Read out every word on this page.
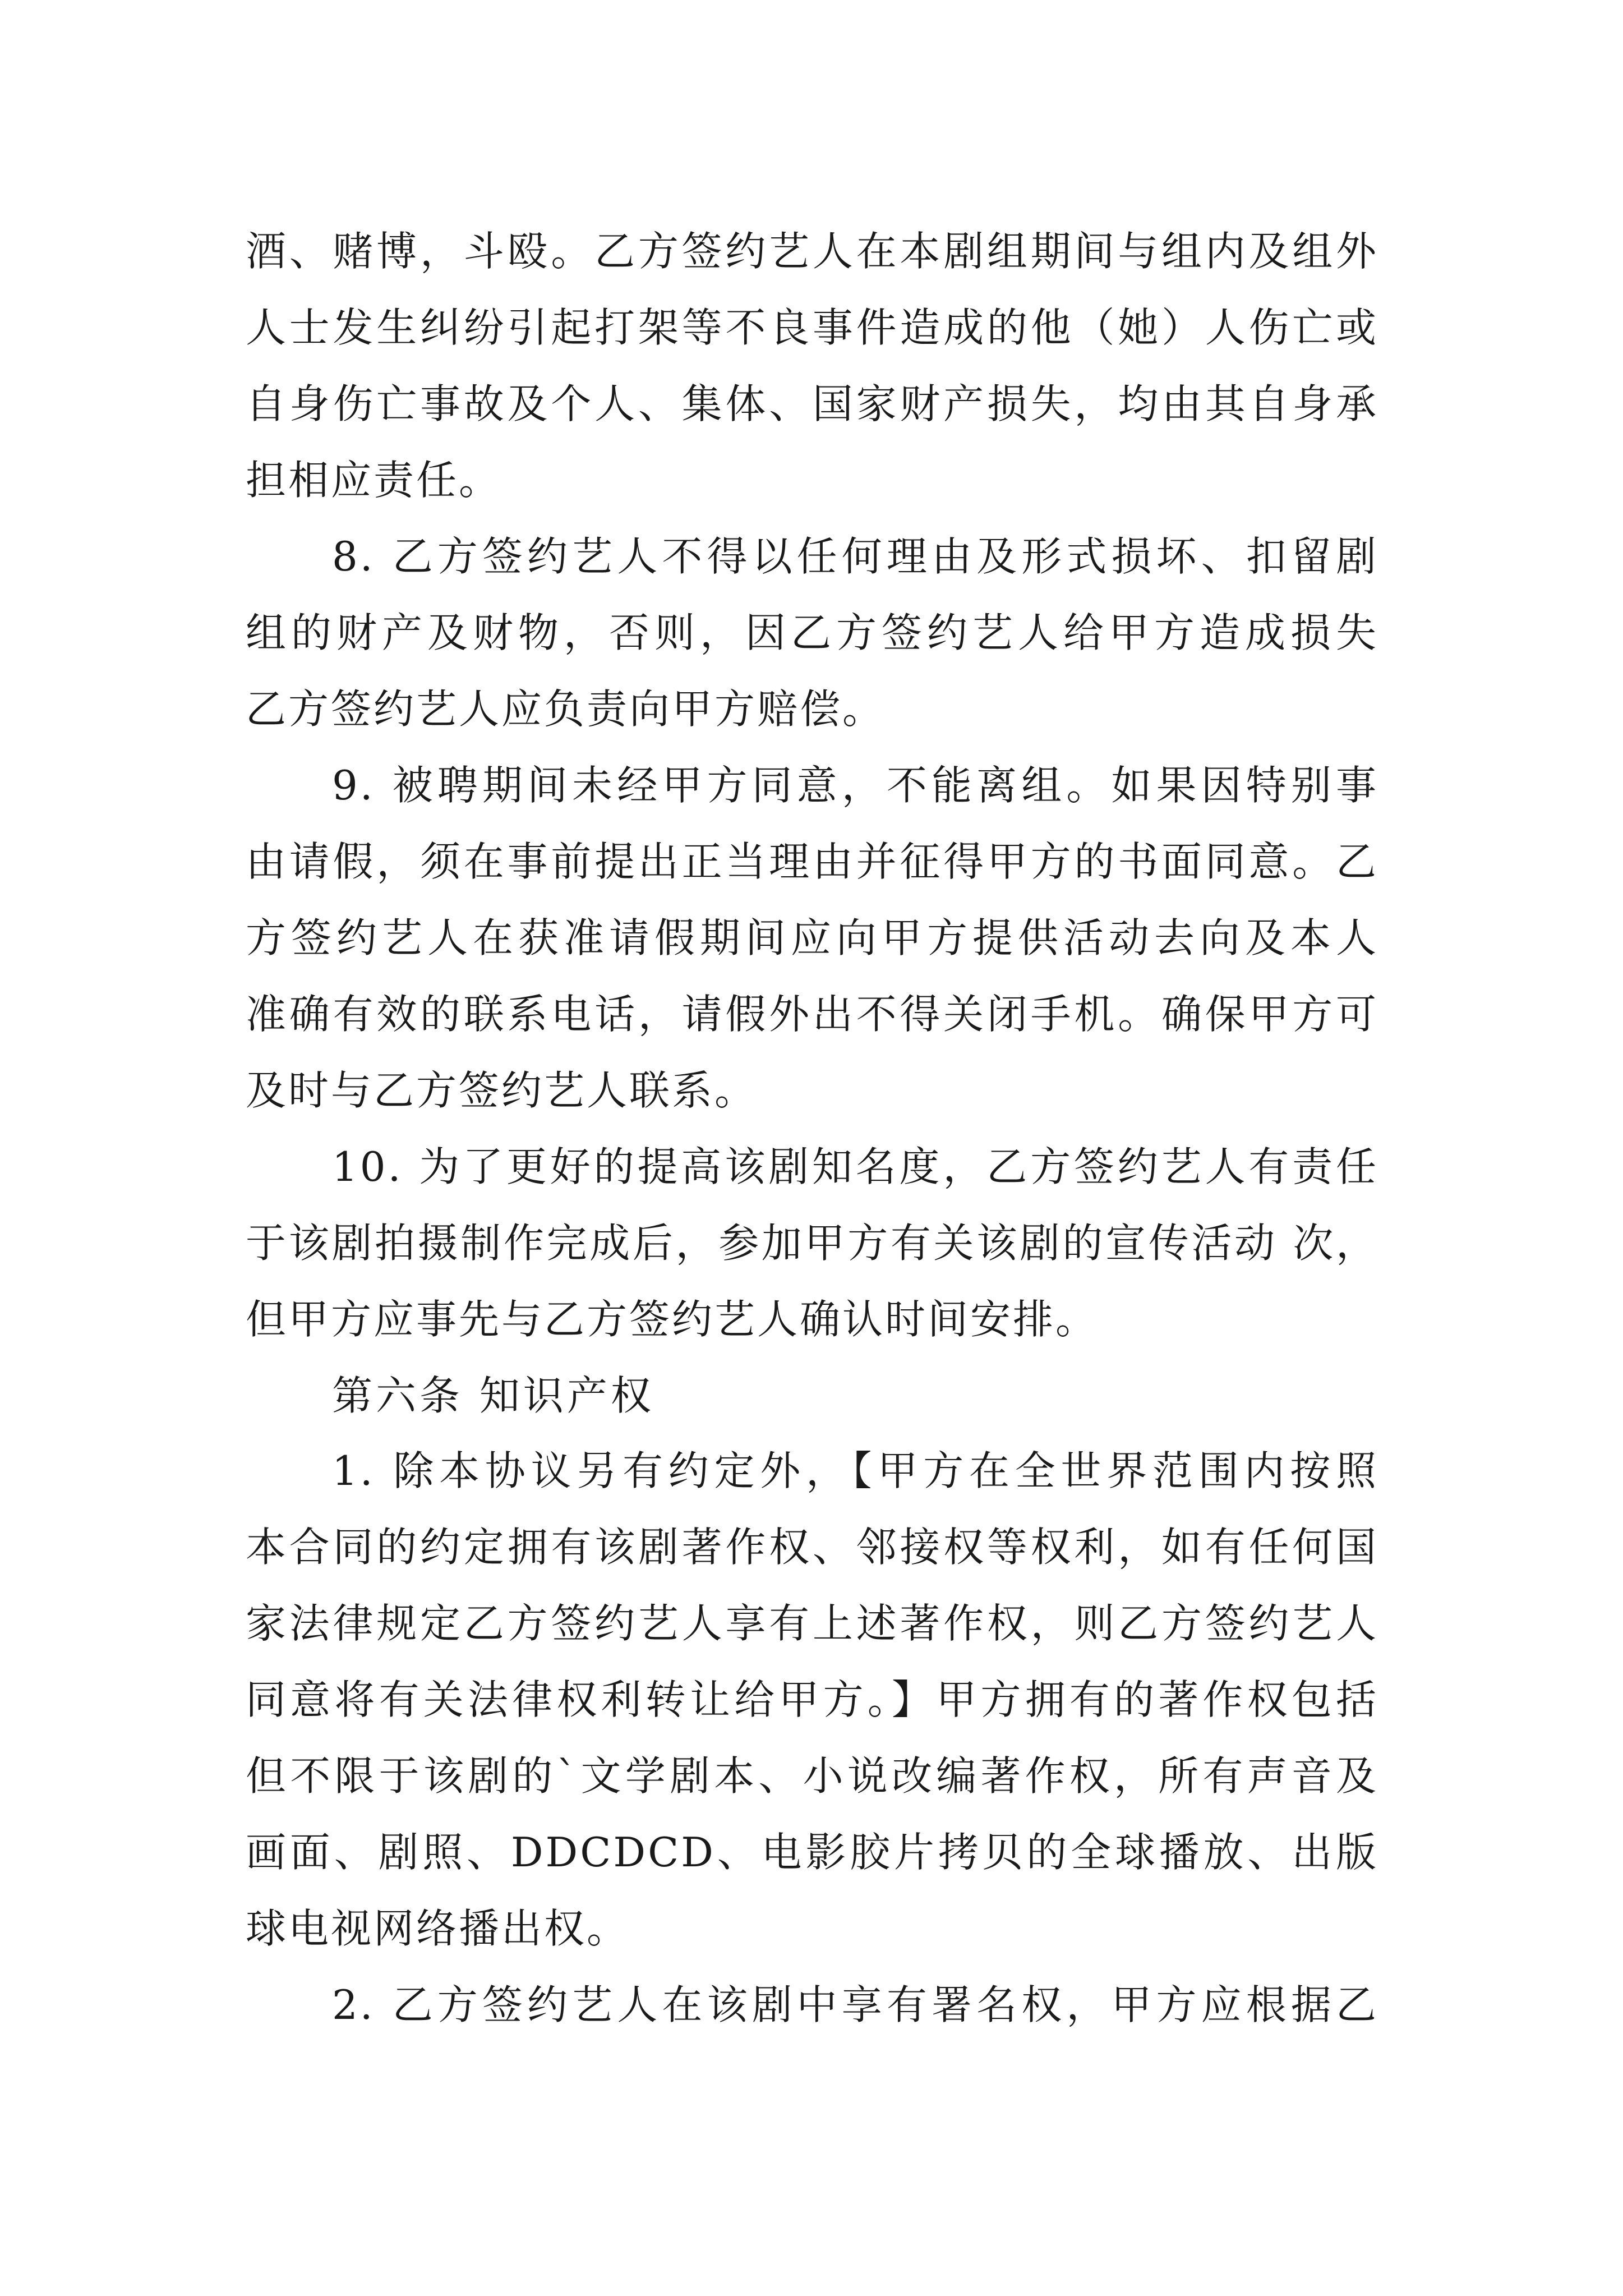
酒、赌博，斗殴。乙方签约艺人在本剧组期间与组内及组外
人士发生纠纷引起打架等不良事件造成的他（她）人伤亡或
自身伤亡事故及个人、集体、国家财产损失，均由其自身承
担相应责任。
8. 乙方签约艺人不得以任何理由及形式损坏、扣留剧
组的财产及财物，否则，因乙方签约艺人给甲方造成损失
乙方签约艺人应负责向甲方赔偿。
9. 被聘期间未经甲方同意，不能离组。如果因特别事
由请假，须在事前提出正当理由并征得甲方的书面同意。乙
方签约艺人在获准请假期间应向甲方提供活动去向及本人
准确有效的联系电话，请假外出不得关闭手机。确保甲方可
及时与乙方签约艺人联系。
10. 为了更好的提高该剧知名度，乙方签约艺人有责任
于该剧拍摄制作完成后，参加甲方有关该剧的宣传活动 次，
但甲方应事先与乙方签约艺人确认时间安排。
第六条 知识产权
1. 除本协议另有约定外，【甲方在全世界范围内按照
本合同的约定拥有该剧著作权、邻接权等权利，如有任何国
家法律规定乙方签约艺人享有上述著作权，则乙方签约艺人
同意将有关法律权利转让给甲方。】甲方拥有的著作权包括
但不限于该剧的`文学剧本、小说改编著作权，所有声音及
画面、剧照、DDCDCD、电影胶片拷贝的全球播放、出版
球电视网络播出权。
2. 乙方签约艺人在该剧中享有署名权，甲方应根据乙
